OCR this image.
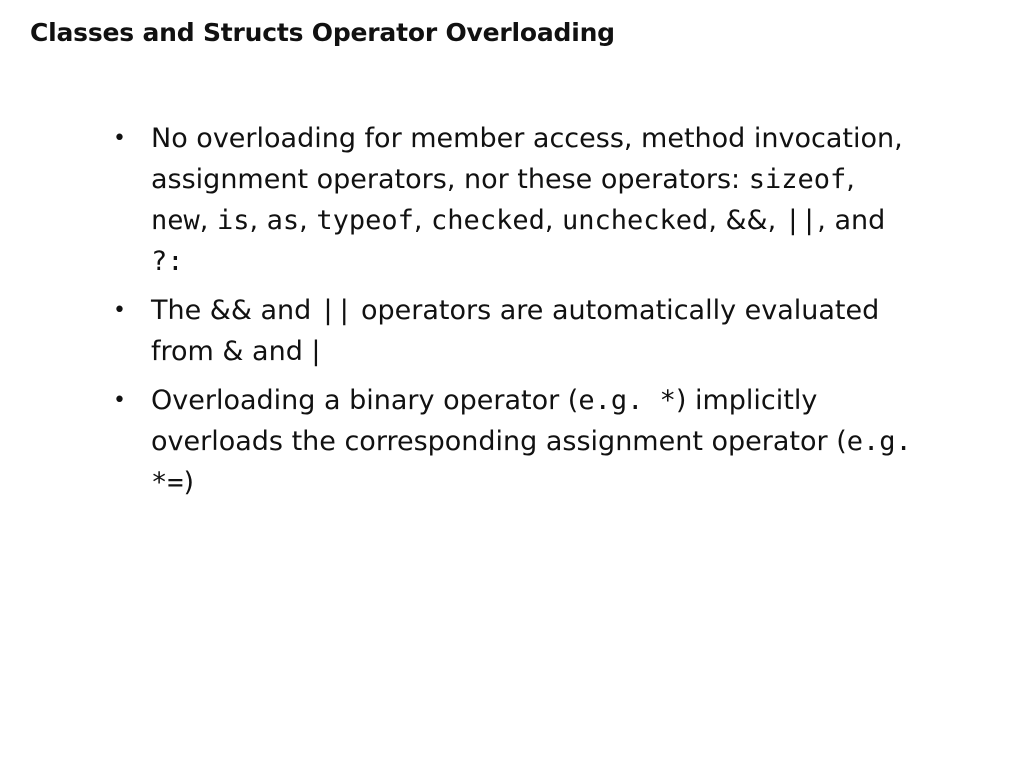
Classes and Structs Operator Overloading
• No overloading for member access, method invocation, assignment operators, nor these operators: sizeof, new, is, as, typeof, checked, unchecked, &&, ||, and ?:
• The && and || operators are automatically evaluated from & and |
• Overloading a binary operator (e.g. *) implicitly overloads the corresponding assignment operator (e.g. *=)
